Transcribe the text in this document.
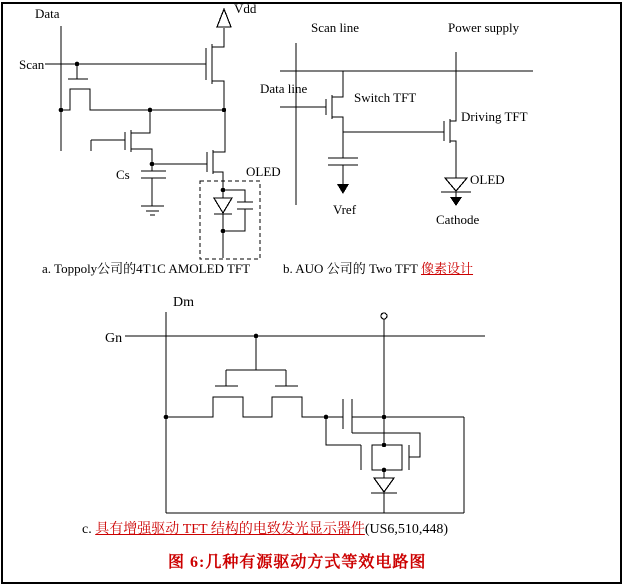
Data	Vdd
Scan
Cs	OLED
a. Toppoly公司的4T1C AMOLED TFT
Scan line	Power supply
Data line
Switch TFT
Driving TFT
Vref
OLED
Cathode
b. AUO 公司的 Two TFT 像素设计
Dm
Gn
c. 具有增强驱动 TFT 结构的电致发光显示器件(US6,510,448)
图 6:几种有源驱动方式等效电路图
